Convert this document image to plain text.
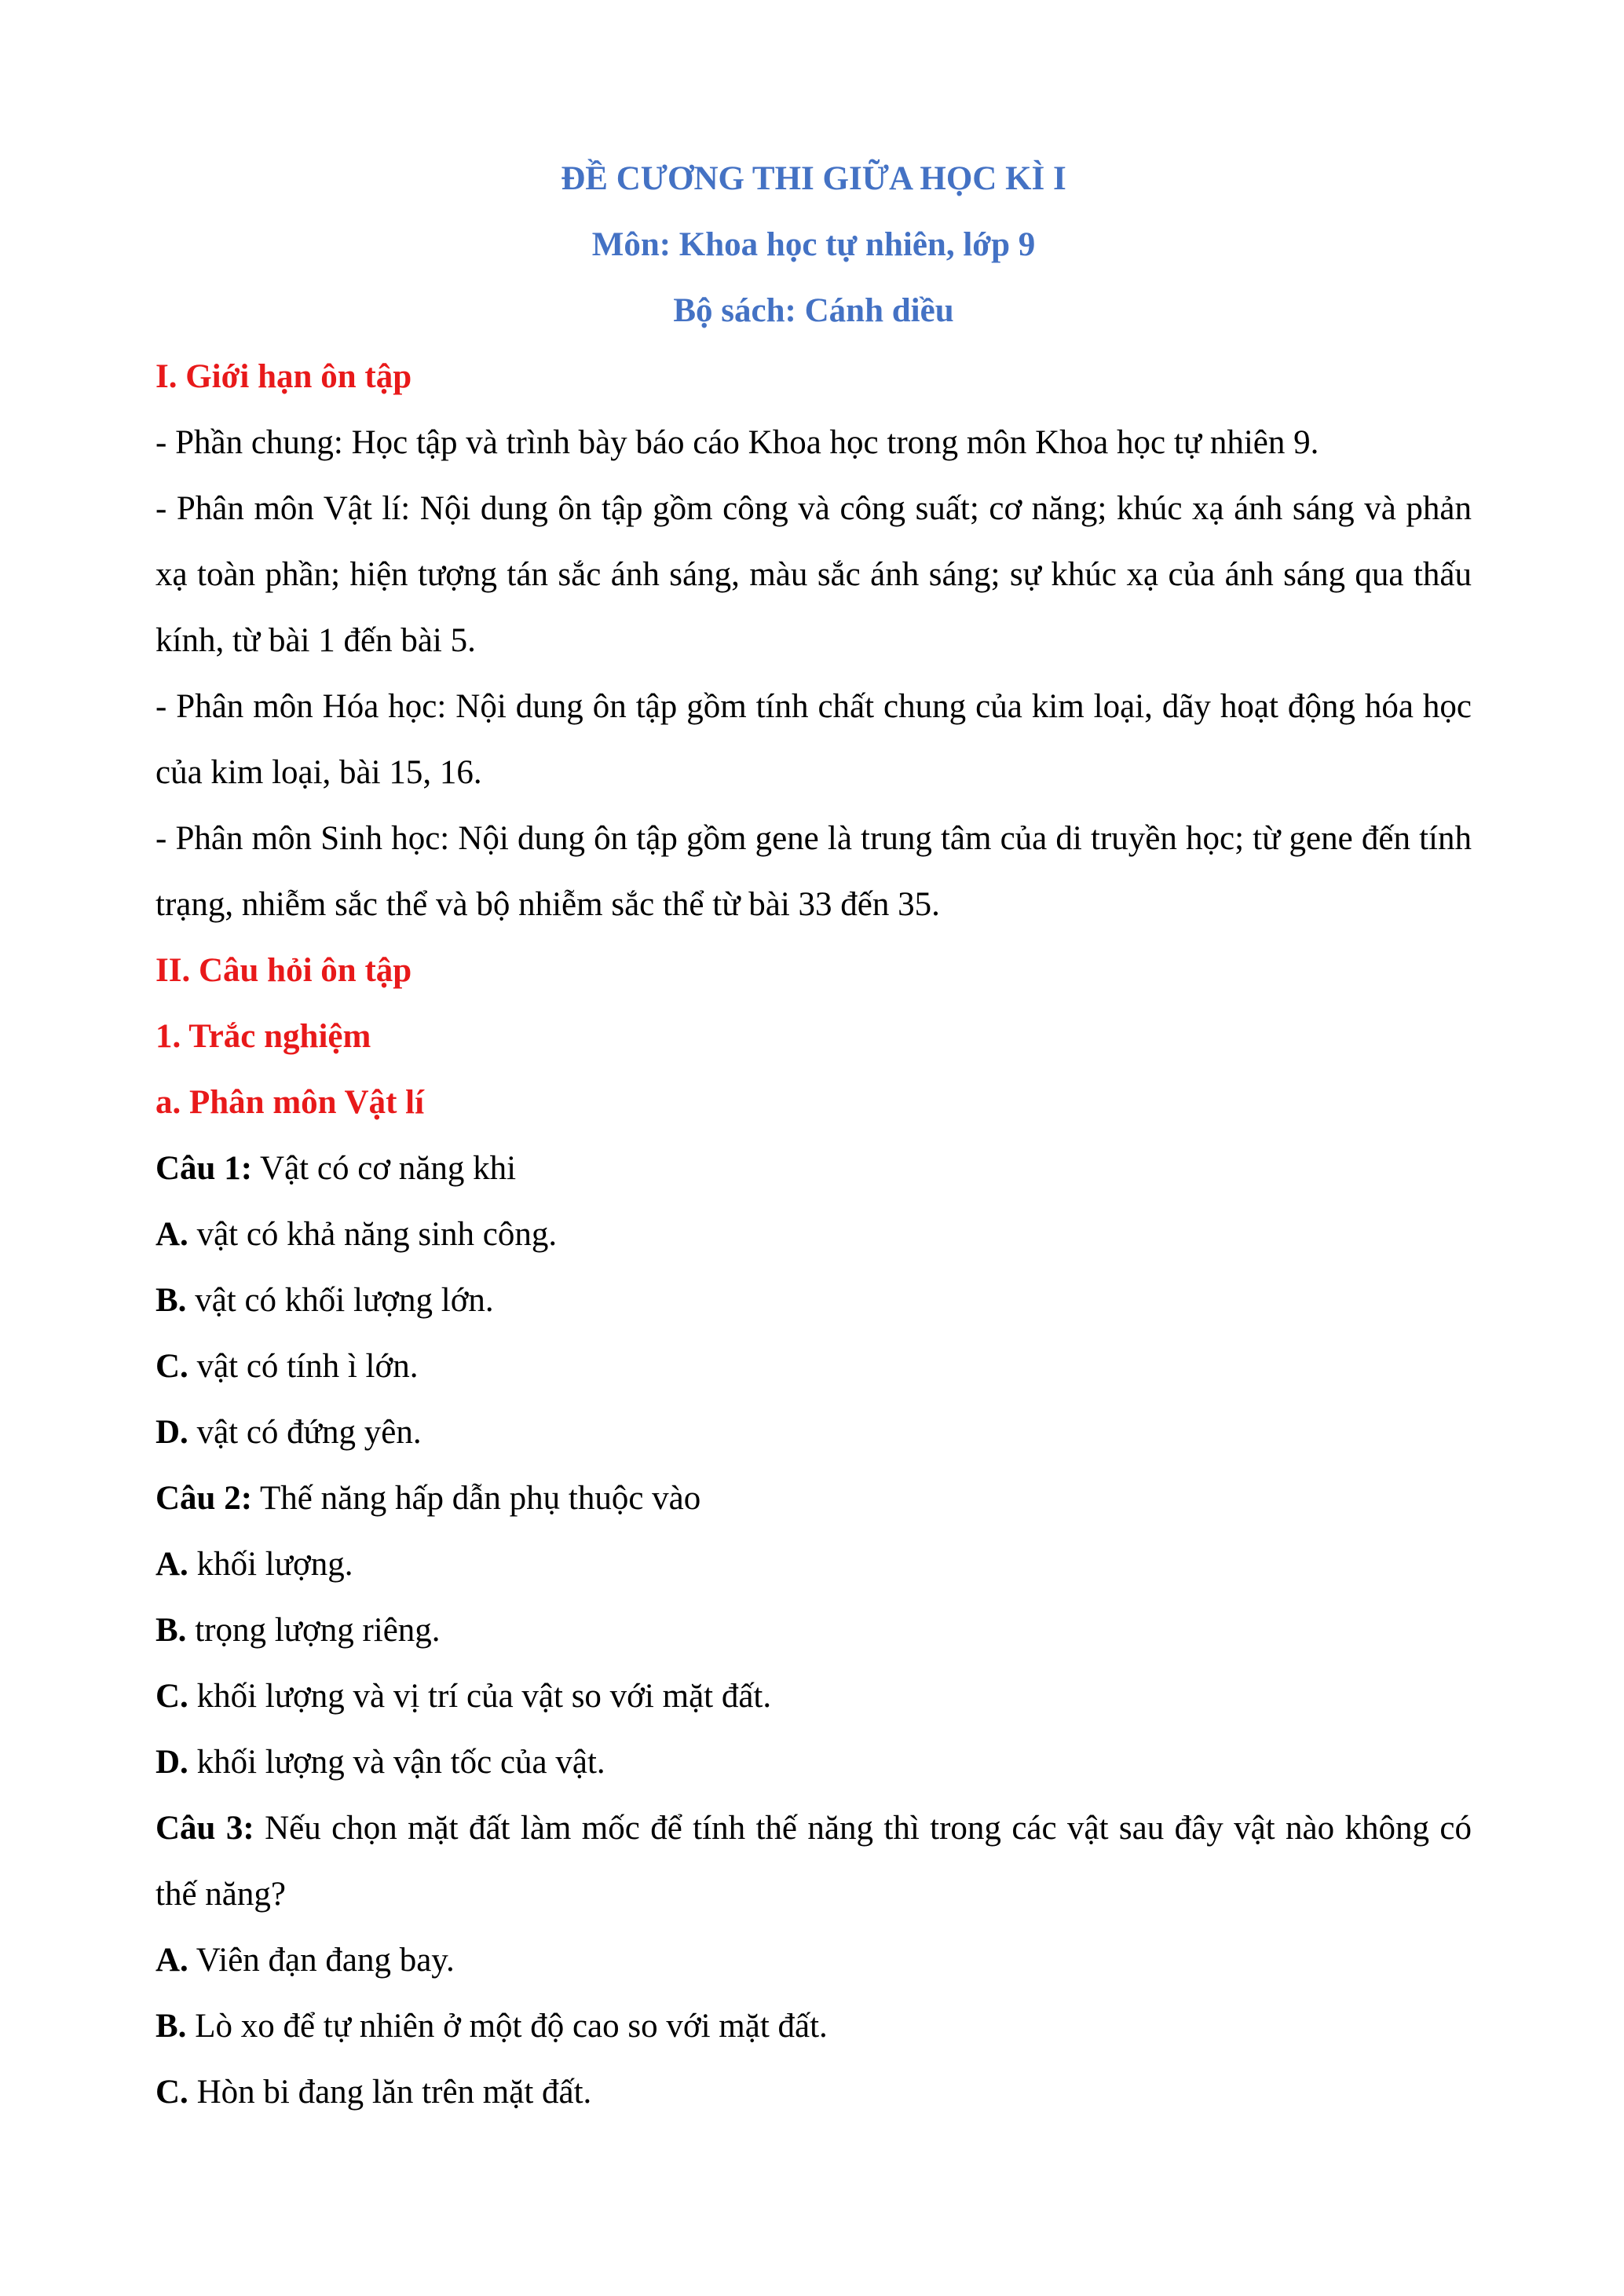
ĐỀ CƯƠNG THI GIỮA HỌC KÌ I

Môn: Khoa học tự nhiên, lớp 9

Bộ sách: Cánh diều

I. Giới hạn ôn tập

- Phần chung: Học tập và trình bày báo cáo Khoa học trong môn Khoa học tự nhiên 9.

- Phân môn Vật lí: Nội dung ôn tập gồm công và công suất; cơ năng; khúc xạ ánh sáng và phản xạ toàn phần; hiện tượng tán sắc ánh sáng, màu sắc ánh sáng; sự khúc xạ của ánh sáng qua thấu kính, từ bài 1 đến bài 5.

- Phân môn Hóa học: Nội dung ôn tập gồm tính chất chung của kim loại, dãy hoạt động hóa học của kim loại, bài 15, 16.

- Phân môn Sinh học: Nội dung ôn tập gồm gene là trung tâm của di truyền học; từ gene đến tính trạng, nhiễm sắc thể và bộ nhiễm sắc thể từ bài 33 đến 35.

II. Câu hỏi ôn tập

1. Trắc nghiệm

a. Phân môn Vật lí

Câu 1: Vật có cơ năng khi

A. vật có khả năng sinh công.

B. vật có khối lượng lớn.

C. vật có tính ì lớn.

D. vật có đứng yên.

Câu 2: Thế năng hấp dẫn phụ thuộc vào

A. khối lượng.

B. trọng lượng riêng.

C. khối lượng và vị trí của vật so với mặt đất.

D. khối lượng và vận tốc của vật.

Câu 3: Nếu chọn mặt đất làm mốc để tính thế năng thì trong các vật sau đây vật nào không có thế năng?

A. Viên đạn đang bay.

B. Lò xo để tự nhiên ở một độ cao so với mặt đất.

C. Hòn bi đang lăn trên mặt đất.
